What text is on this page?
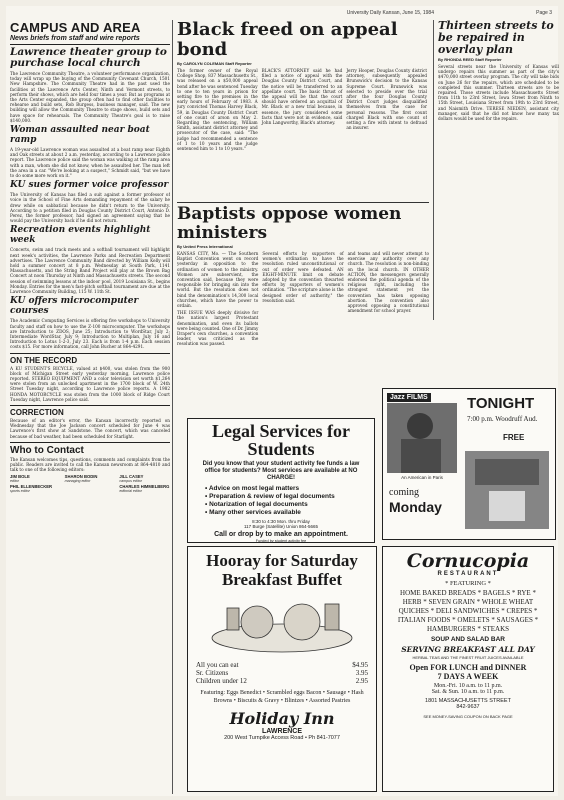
University Daily Kansan, June 15, 1984	Page 3
CAMPUS AND AREA
News briefs from staff and wire reports
Lawrence theater group to purchase local church

The Lawrence Community Theatre, a volunteer performance organization, today will wrap up the buying of the Community Covenant Church, 1501 New Hampshire. The Community Theatre had in the past used the facilities at the Lawrence Arts Center, Ninth and Vermont streets, to perform their shows, which are held four times a year. But as programs at the Arts Center expanded, the group often had to find other facilities to rehearse and build sets, Rob Burgess, business manager, said. The new building will allow the Community Theatre to stage shows, build sets and have space for rehearsals. The Community Theatre's goal is to raise $140,000.

Woman assaulted near boat ramp

A 19-year-old Lawrence woman was assaulted at a boat ramp near Eighth and Oak streets at about 2 a.m. yesterday, according to a Lawrence police report. The Lawrence police said the woman was walking at the ramp area with a man, whom she did not know, when he assaulted her. The man left the area in a car. "We're looking at a suspect," Schmidt said, "but we have to do some more work on it."

KU sues former voice professor

The University of Kansas has filed a suit against a former professor of voice in the School of Fine Arts demanding repayment of the salary he drew while on sabbatical because he didn't return to the University. According to a petition filed in Douglas County District Court, Antonio D. Perez, the former professor, had signed an agreement saying that he would pay the University back if he did not return.

Recreation events highlight week

Concerts, swim and track meets and a softball tournament will highlight next week's activities, the Lawrence Parks and Recreation Department advertises. The Lawrence Community Band directed by William Kelly will hold a summer concert at 8 p.m. Wednesday at South Park, 1141 Massachusetts, and the String Band Project will play at the Brown Bag Concert at noon Thursday at Ninth and Massachusetts streets. The second session of swimming lessons at the indoor pool, 2019 Louisiana St., begins Monday. Entries for the men's fast-pitch softball tournament are due at the Lawrence Community Building, 115 W. 11th St.

KU offers microcomputer courses

The Academic Computing Services is offering five workshops to University faculty and staff on how to use the Z-100 microcomputer. The workshops are Introduction to ZDOS, June 25; Introduction to WordStar, July 2; Intermediate WordStar, July 9; Introduction to Multiplan, July 16 and Introduction to Lotus 1-2-3, July 23. Each is from 1-4 p.m. Each session costs $15. For more information, call John Bucher at 864-4291.

ON THE RECORD

A KU STUDENT'S BICYCLE, valued at $400, was stolen from the 900 block of Michigan Street early yesterday morning, Lawrence police reported. STEREO EQUIPMENT AND a color television set worth $1,264 were stolen from an unlocked apartment in the 1700 block of W. 24th Street Tuesday night, according to Lawrence police reports. A 1982 HONDA MOTORCYCLE was stolen from the 1000 block of Ridge Court Tuesday night, Lawrence police said.

CORRECTION

Because of an editor's error, the Kansan incorrectly reported on Wednesday that the Joe Jackson concert scheduled for June 4 was Lawrence's first show at Sandstone. The concert, which was canceled because of bad weather, had been scheduled for Starlight.

Who to Contact

The Kansan welcomes tips, questions, comments and complaints from the public. Readers are invited to call the Kansan newsroom at 864-4810 and talk to one of the following editors:

JIM BOLE
editor
SHARON BODIN
managing editor
JILL CASEY
campus editor
PHIL ELLENBECKER
sports editor
CHARLES HIMMELBERG
editorial editor
Black freed on appeal bond
By CAROLYN COLEMAN Staff Reporter

The former owner of the Royal College Shop, 837 Massachusetts St., was released on a $50,000 appeal bond after he was sentenced Tuesday to one to ten years in prison for setting fire to the premises in the early hours of February of 1983. A jury convicted Thomas Harvey Black, 59, in Douglas County District Court of one count of arson on May 2. Regarding the sentencing, William Smith, assistant district attorney and prosecutor of the case, said: "The judge had recommended a sentence of 1 to 10 years and the judge sentenced him to 1 to 10 years."

BLACK'S ATTORNEY said he had filed a notice of appeal with the Douglas County District Court, and the notice will be transferred to an appellate court. The basic thrust of the appeal will be that the court should have ordered an acquittal of Mr. Black or a new trial because, in essence, the jury considered some facts that were not in evidence, said John Langworthy, Black's attorney.

Jerry Hooper, Douglas County district attorney, subsequently appealed Brunswick's decision to the Kansas Supreme Court. Brunswick was selected to preside over the trial after the four Douglas County District Court judges disqualified themselves from the case for personal reasons. The first count charged Black with one count of setting a fire with intent to defraud an insurer.

Thirteen streets to be repaired in overlay plan
By RHONDA REED Staff Reporter

Several streets near the University of Kansas will undergo repairs this summer as part of the city's $470,000 street overlay program. The city will take bids on June 26 for the repairs, which are scheduled to be completed this summer. Thirteen streets are to be repaired. Those streets include Massachusetts Street from 11th to 23rd Street, Iowa Street from Ninth to 15th Street, Louisiana Street from 19th to 23rd Street, and Naismith Drive. TERESE NIEDEN, assistant city manager, said that he did not know how many tax dollars would be used for the repairs.

Baptists oppose women ministers
By United Press International

KANSAS CITY, Mo. — The Southern Baptist Convention went on record yesterday in opposition to the ordination of women to the ministry. Women are subservient, the convention said, because they were responsible for bringing sin into the world. But the resolution does not bind the denomination's 14,300 local churches, which have the power to ordain.

THE ISSUE WAS deeply divisive for the nation's largest Protestant denomination, and even its ballots were being counted. One of Dr. Jimmy Draper's own churches, a convention leader, was criticized as the resolution was passed.

Several efforts by supporters of women's ordination to have the resolution ruled unconstitutional or out of order were defeated. AN EIGHT-MINUTE limit on debate adopted by the convention thwarted efforts by supporters of women's ordination. "The scripture alone is the designed order of authority," the resolution said.

and teams and will never attempt to exercise any authority over any church. The resolution is non-binding on the local church. IN OTHER ACTION, the messengers generally endorsed the political agenda of the religious right, including the strongest statement yet the convention has taken opposing abortion. The convention also approved opposing a constitutional amendment for school prayer.

Legal Services for Students
Did you know that your student activity fee funds a law office for students? Most services are available at NO CHARGE!
• Advice on most legal matters
• Preparation & review of legal documents
• Notarization of legal documents
• Many other services available
8:30 to 4:30 Mon. thru Friday
117 Burge (Satellite) Union 864-5665
Call or drop by to make an appointment.
Funded by student activity fee
Jazz FILMS
An American in Paris
TONIGHT
7:00 p.m. Woodruff Aud.
FREE
coming
Monday
Hooray for Saturday Breakfast Buffet
All you can eat	$4.95
Sr. Citizens	3.95
Children under 12	2.95
Featuring: Eggs Benedict • Scrambled eggs Bacon • Sausage • Hash Browns • Biscuits & Gravy • Blintzes • Assorted Pastries
Holiday Inn
LAWRENCE
200 West Turnpike Access Road • Ph 841-7077
Cornucopia
RESTAURANT
* FEATURING *
HOME BAKED BREADS * BAGELS * RYE * HERB * SEVEN GRAIN * WHOLE WHEAT QUICHES * DELI SANDWICHES * CREPES * ITALIAN FOODS * OMELETS * SAUSAGES * HAMBURGERS * STEAKS
SOUP AND SALAD BAR
SERVING BREAKFAST ALL DAY
HERBAL TEAS AND THE FINEST FRUIT JUICES AVAILABLE
Open FOR LUNCH and DINNER
7 DAYS A WEEK
Mon.-Fri. 10 a.m. to 11 p.m.
Sat. & Sun. 10 a.m. to 11 p.m.
1801 MASSACHUSETTS STREET
842-9637
SEE MONEY-SAVING COUPON ON BACK PAGE
